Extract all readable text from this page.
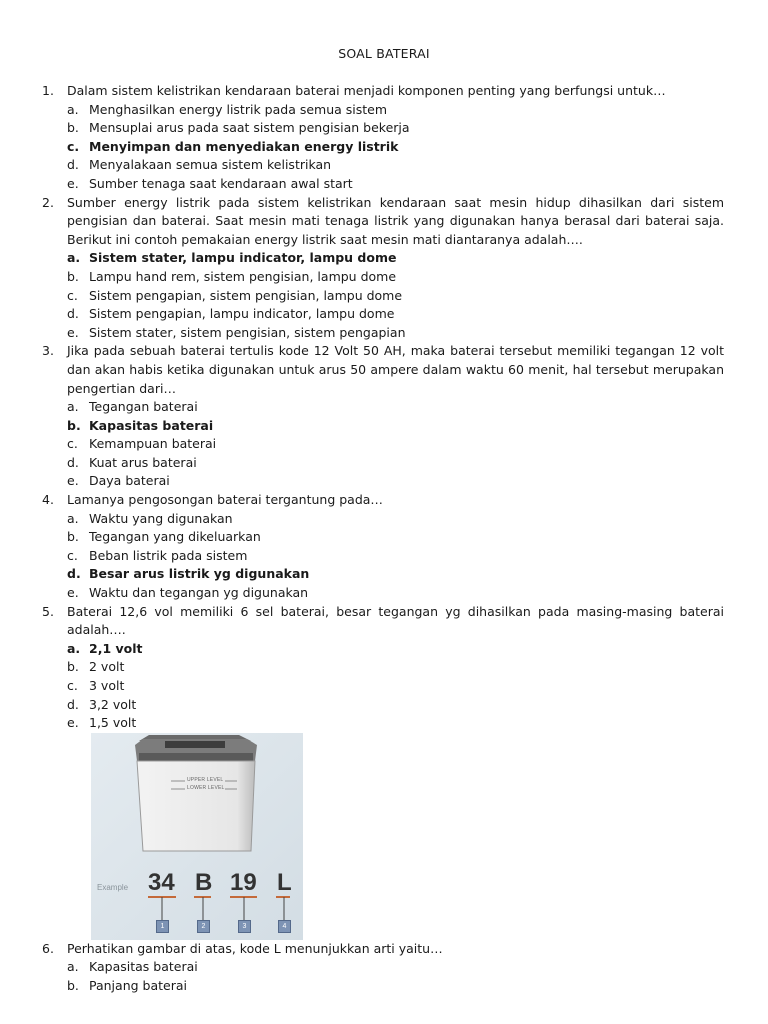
SOAL BATERAI
1.	Dalam sistem kelistrikan kendaraan baterai menjadi komponen penting yang berfungsi untuk…
a. Menghasilkan energy listrik pada semua sistem
b. Mensuplai arus pada saat sistem pengisian bekerja
c. Menyimpan dan menyediakan energy listrik
d. Menyalakaan semua sistem kelistrikan
e. Sumber tenaga saat kendaraan awal start
2.	Sumber energy listrik pada sistem kelistrikan kendaraan saat mesin hidup dihasilkan dari sistem pengisian dan baterai. Saat mesin mati tenaga listrik yang digunakan hanya berasal dari baterai saja. Berikut ini contoh pemakaian energy listrik saat mesin mati diantaranya adalah….
a. Sistem stater, lampu indicator, lampu dome
b. Lampu hand rem, sistem pengisian, lampu dome
c. Sistem pengapian, sistem pengisian, lampu dome
d. Sistem pengapian, lampu indicator, lampu dome
e. Sistem stater, sistem pengisian, sistem pengapian
3.	Jika pada sebuah baterai tertulis kode 12 Volt 50 AH, maka baterai tersebut memiliki tegangan 12 volt dan akan habis ketika digunakan untuk arus 50 ampere dalam waktu 60 menit, hal tersebut merupakan pengertian dari…
a. Tegangan baterai
b. Kapasitas baterai
c. Kemampuan baterai
d. Kuat arus baterai
e. Daya baterai
4.	Lamanya pengosongan baterai tergantung pada…
a. Waktu yang digunakan
b. Tegangan yang dikeluarkan
c. Beban listrik pada sistem
d. Besar arus listrik yg digunakan
e. Waktu dan tegangan yg digunakan
5.	Baterai 12,6 vol memiliki 6 sel baterai, besar tegangan yg dihasilkan pada masing-masing baterai adalah….
a. 2,1 volt
b. 2 volt
c. 3 volt
d. 3,2 volt
e. 1,5 volt
UPPER LEVEL
LOWER LEVEL
Example 34 B 19 L
1	2	3	4
6.	Perhatikan gambar di atas, kode L menunjukkan arti yaitu…
a. Kapasitas baterai
b. Panjang baterai
